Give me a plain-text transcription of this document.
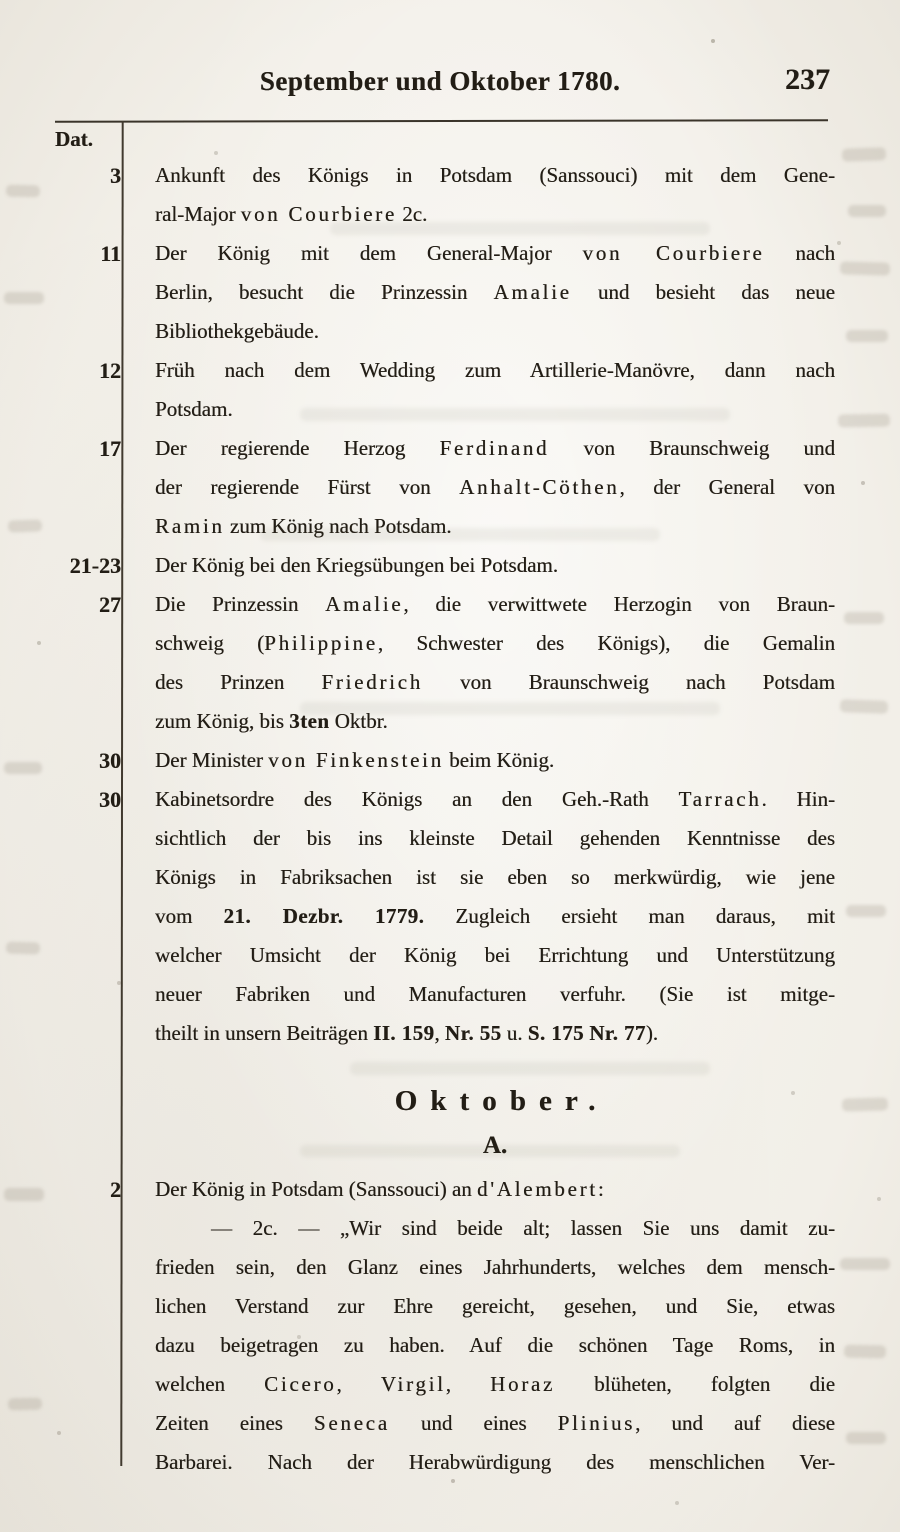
September und Oktober 1780.	237
Dat.
3 Ankunft des Königs in Potsdam (Sanssouci) mit dem Gene-
ral-Major von Courbiere 2c.
11 Der König mit dem General-Major von Courbiere nach
Berlin, besucht die Prinzessin Amalie und besieht das neue
Bibliothekgebäude.
12 Früh nach dem Wedding zum Artillerie-Manövre, dann nach
Potsdam.
17 Der regierende Herzog Ferdinand von Braunschweig und
der regierende Fürst von Anhalt-Cöthen, der General von
Ramin zum König nach Potsdam.
21-23 Der König bei den Kriegsübungen bei Potsdam.
27 Die Prinzessin Amalie, die verwittwete Herzogin von Braun-
schweig (Philippine, Schwester des Königs), die Gemalin
des Prinzen Friedrich von Braunschweig nach Potsdam
zum König, bis 3ten Oktbr.
30 Der Minister von Finkenstein beim König.
30 Kabinetsordre des Königs an den Geh.-Rath Tarrach. Hin-
sichtlich der bis ins kleinste Detail gehenden Kenntnisse des
Königs in Fabriksachen ist sie eben so merkwürdig, wie jene
vom 21. Dezbr. 1779. Zugleich ersieht man daraus, mit
welcher Umsicht der König bei Errichtung und Unterstützung
neuer Fabriken und Manufacturen verfuhr. (Sie ist mitge-
theilt in unsern Beiträgen II. 159, Nr. 55 u. S. 175 Nr. 77).
Oktober.
A.
2 Der König in Potsdam (Sanssouci) an d'Alembert:
— 2c. — „Wir sind beide alt; lassen Sie uns damit zu-
frieden sein, den Glanz eines Jahrhunderts, welches dem mensch-
lichen Verstand zur Ehre gereicht, gesehen, und Sie, etwas
dazu beigetragen zu haben. Auf die schönen Tage Roms, in
welchen Cicero, Virgil, Horaz blüheten, folgten die
Zeiten eines Seneca und eines Plinius, und auf diese
Barbarei. Nach der Herabwürdigung des menschlichen Ver-
